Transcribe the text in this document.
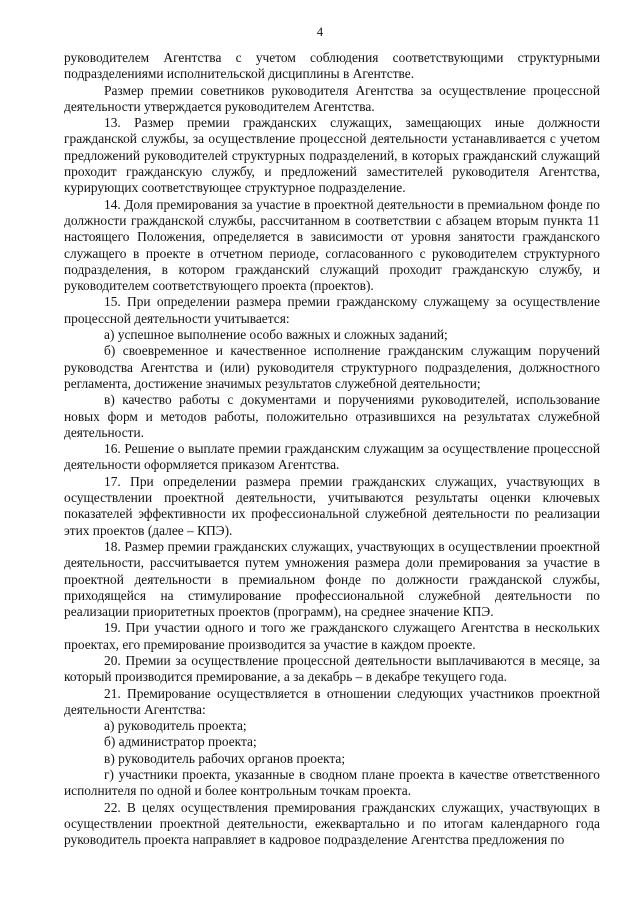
4

руководителем Агентства с учетом соблюдения соответствующими структурными подразделениями исполнительской дисциплины в Агентстве.

Размер премии советников руководителя Агентства за осуществление процессной деятельности утверждается руководителем Агентства.

13. Размер премии гражданских служащих, замещающих иные должности гражданской службы, за осуществление процессной деятельности устанавливается с учетом предложений руководителей структурных подразделений, в которых гражданский служащий проходит гражданскую службу, и предложений заместителей руководителя Агентства, курирующих соответствующее структурное подразделение.

14. Доля премирования за участие в проектной деятельности в премиальном фонде по должности гражданской службы, рассчитанном в соответствии с абзацем вторым пункта 11 настоящего Положения, определяется в зависимости от уровня занятости гражданского служащего в проекте в отчетном периоде, согласованного с руководителем структурного подразделения, в котором гражданский служащий проходит гражданскую службу, и руководителем соответствующего проекта (проектов).

15. При определении размера премии гражданскому служащему за осуществление процессной деятельности учитывается:

а) успешное выполнение особо важных и сложных заданий;

б) своевременное и качественное исполнение гражданским служащим поручений руководства Агентства и (или) руководителя структурного подразделения, должностного регламента, достижение значимых результатов служебной деятельности;

в) качество работы с документами и поручениями руководителей, использование новых форм и методов работы, положительно отразившихся на результатах служебной деятельности.

16. Решение о выплате премии гражданским служащим за осуществление процессной деятельности оформляется приказом Агентства.

17. При определении размера премии гражданских служащих, участвующих в осуществлении проектной деятельности, учитываются результаты оценки ключевых показателей эффективности их профессиональной служебной деятельности по реализации этих проектов (далее – КПЭ).

18. Размер премии гражданских служащих, участвующих в осуществлении проектной деятельности, рассчитывается путем умножения размера доли премирования за участие в проектной деятельности в премиальном фонде по должности гражданской службы, приходящейся на стимулирование профессиональной служебной деятельности по реализации приоритетных проектов (программ), на среднее значение КПЭ.

19. При участии одного и того же гражданского служащего Агентства в нескольких проектах, его премирование производится за участие в каждом проекте.

20. Премии за осуществление процессной деятельности выплачиваются в месяце, за который производится премирование, а за декабрь – в декабре текущего года.

21. Премирование осуществляется в отношении следующих участников проектной деятельности Агентства:

а) руководитель проекта;

б) администратор проекта;

в) руководитель рабочих органов проекта;

г) участники проекта, указанные в сводном плане проекта в качестве ответственного исполнителя по одной и более контрольным точкам проекта.

22. В целях осуществления премирования гражданских служащих, участвующих в осуществлении проектной деятельности, ежеквартально и по итогам календарного года руководитель проекта направляет в кадровое подразделение Агентства предложения по
